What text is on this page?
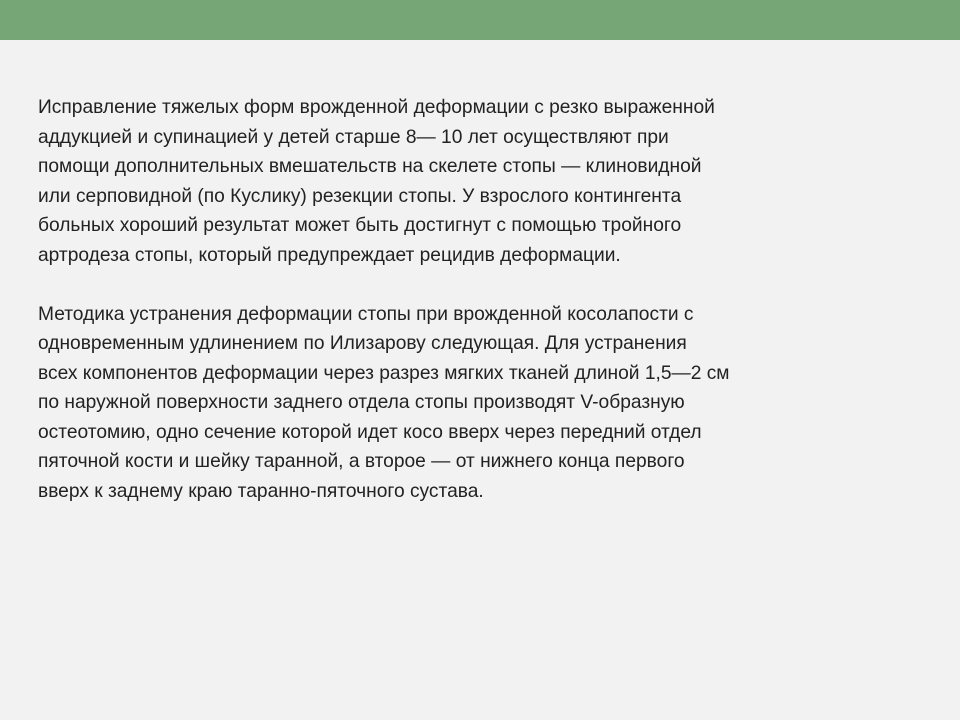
Исправление тяжелых форм врожденной деформации с резко выраженной
аддукцией и супинацией у детей старше 8— 10 лет осуществляют при
помощи дополнительных вмешательств на скелете стопы — клиновидной
или серповидной (по Куслику) резекции стопы. У взрослого контингента
больных хороший результат может быть достигнут с помощью тройного
артродеза стопы, который предупреждает рецидив деформации.

Методика устранения деформации стопы при врожденной косолапости с
одновременным удлинением по Илизарову следующая. Для устранения
всех компонентов деформации через разрез мягких тканей длиной 1,5—2 см
по наружной поверхности заднего отдела стопы производят V-образную
остеотомию, одно сечение которой идет косо вверх через передний отдел
пяточной кости и шейку таранной, а второе — от нижнего конца первого
вверх к заднему краю таранно-пяточного сустава.
